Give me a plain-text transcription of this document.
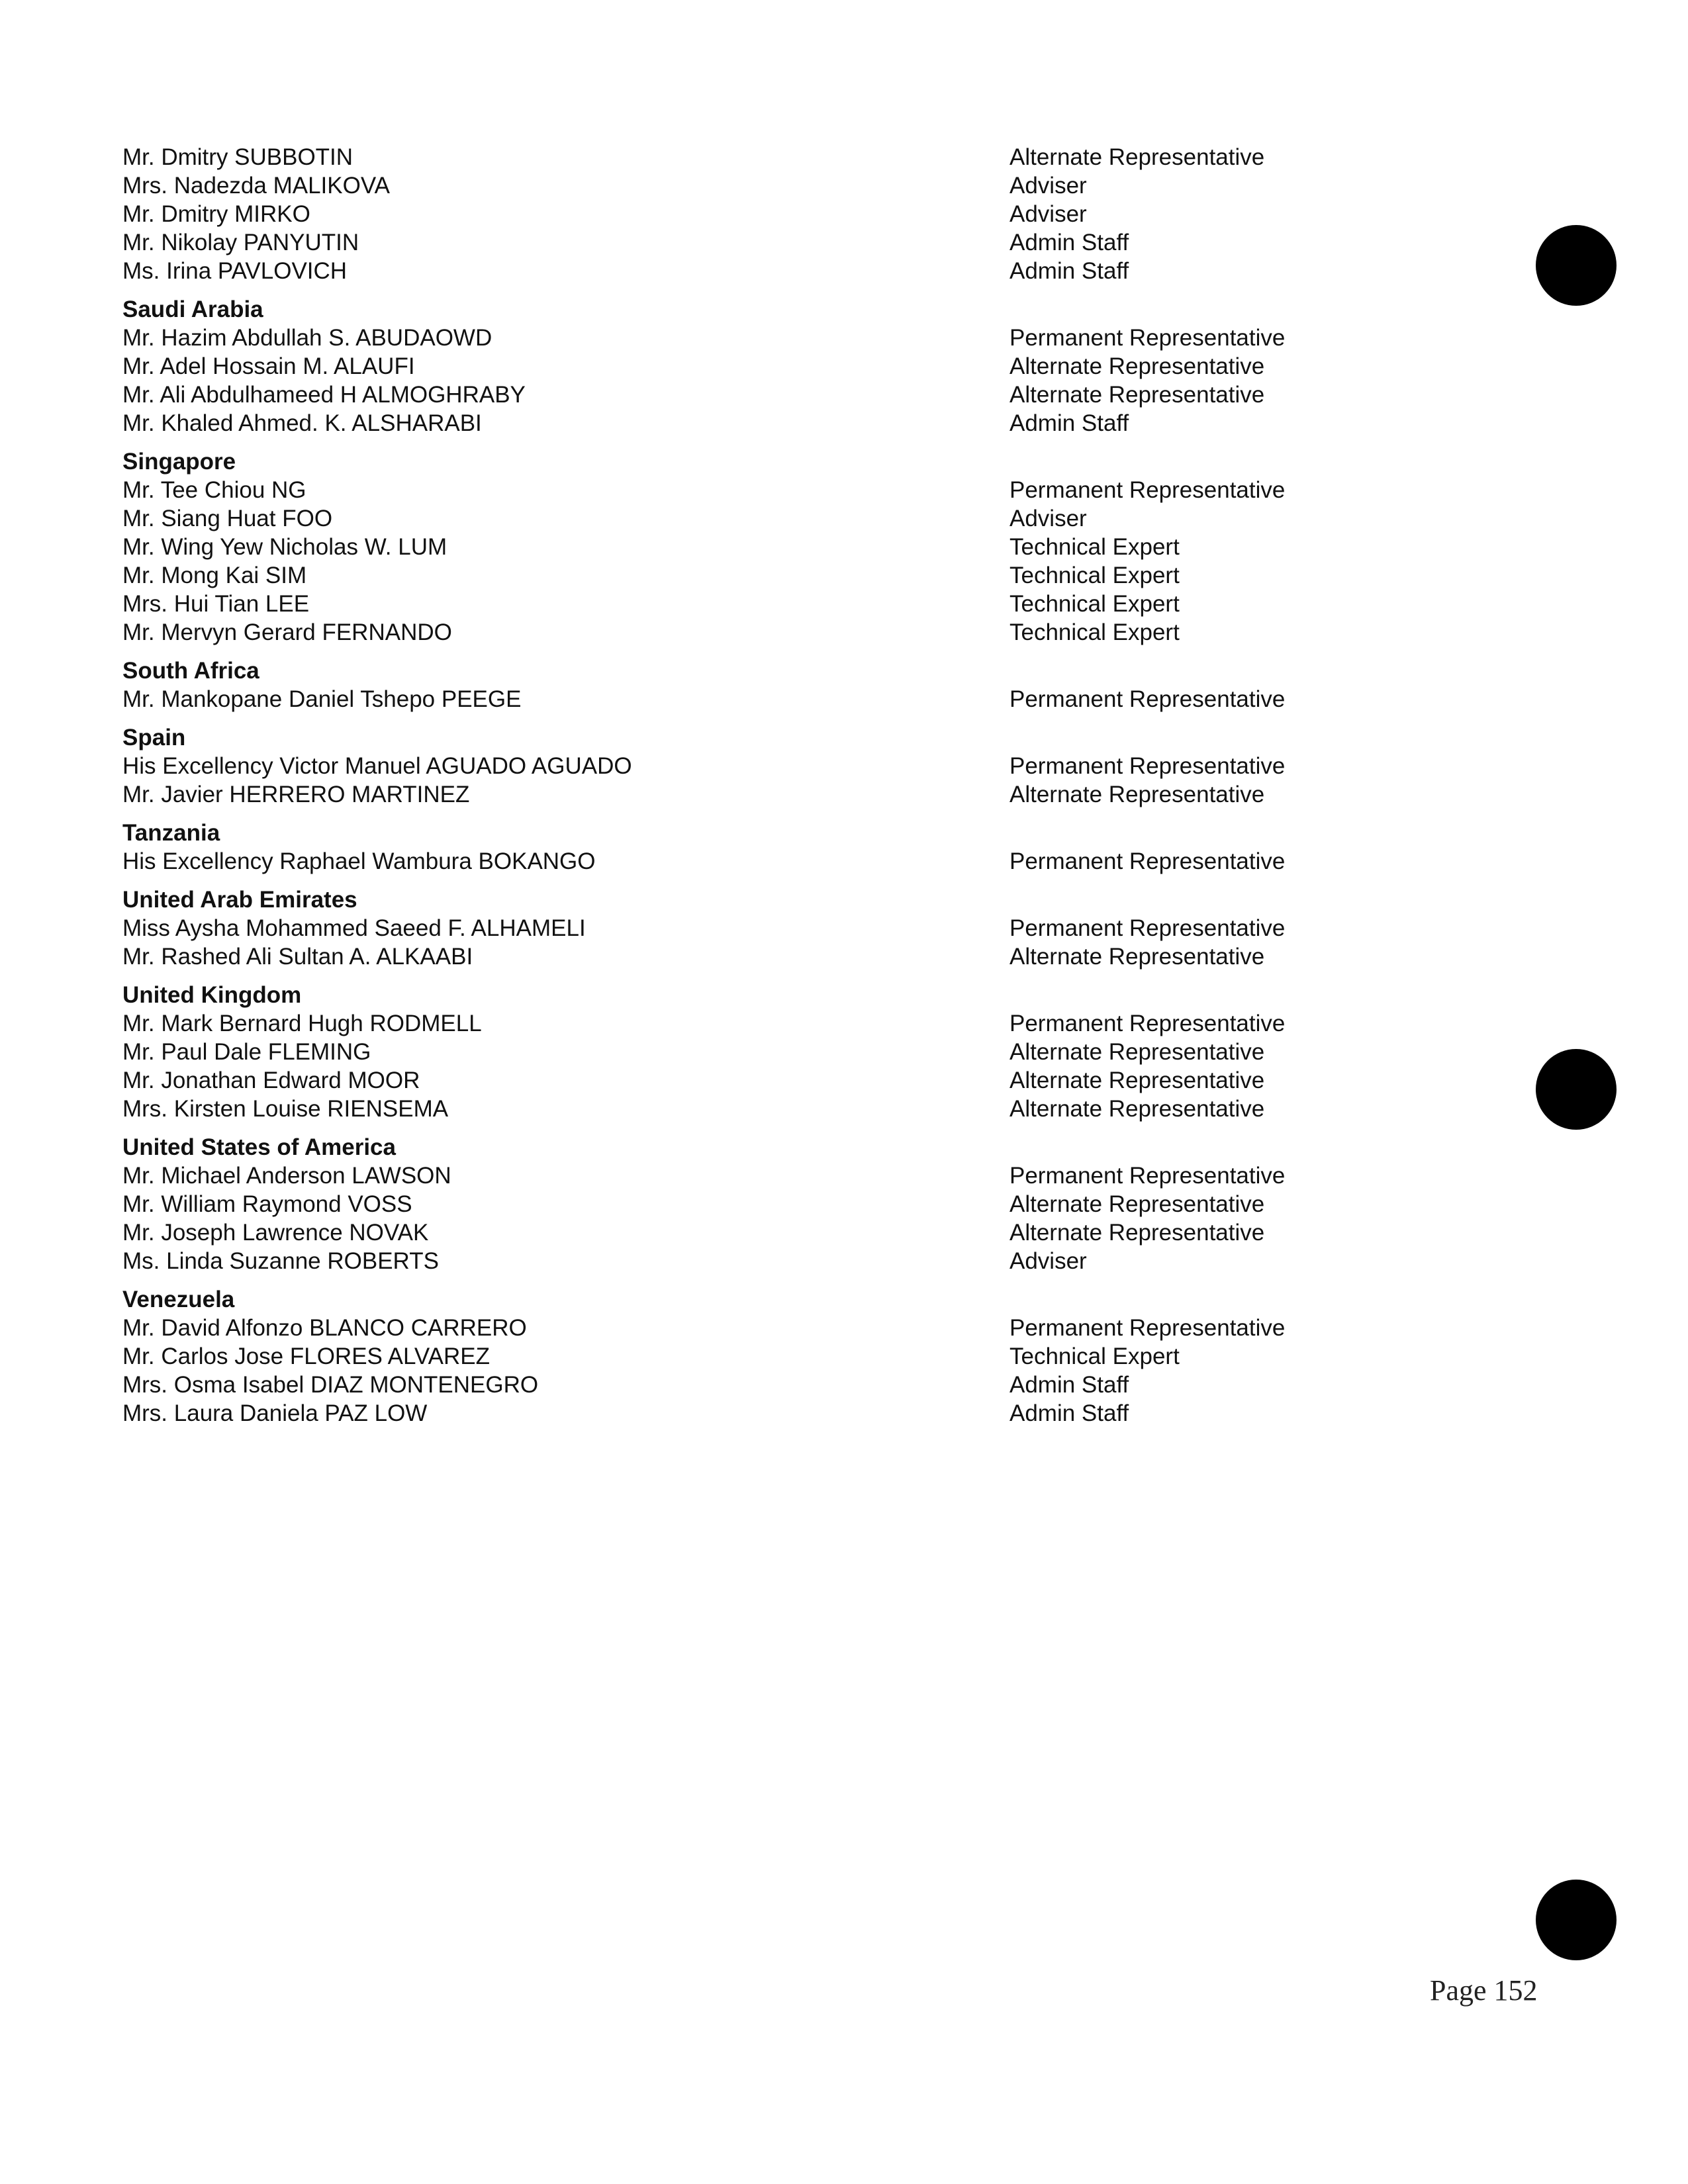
Mr. Dmitry SUBBOTIN	Alternate Representative
Mrs. Nadezda MALIKOVA	Adviser
Mr. Dmitry MIRKO	Adviser
Mr. Nikolay PANYUTIN	Admin Staff
Ms. Irina PAVLOVICH	Admin Staff
Saudi Arabia
Mr. Hazim Abdullah S. ABUDAOWD	Permanent Representative
Mr. Adel Hossain M. ALAUFI	Alternate Representative
Mr. Ali Abdulhameed H ALMOGHRABY	Alternate Representative
Mr. Khaled Ahmed. K. ALSHARABI	Admin Staff
Singapore
Mr. Tee Chiou NG	Permanent Representative
Mr. Siang Huat FOO	Adviser
Mr. Wing Yew Nicholas W. LUM	Technical Expert
Mr. Mong Kai SIM	Technical Expert
Mrs. Hui Tian LEE	Technical Expert
Mr. Mervyn Gerard FERNANDO	Technical Expert
South Africa
Mr. Mankopane Daniel Tshepo PEEGE	Permanent Representative
Spain
His Excellency Victor Manuel AGUADO AGUADO	Permanent Representative
Mr. Javier HERRERO MARTINEZ	Alternate Representative
Tanzania
His Excellency Raphael Wambura BOKANGO	Permanent Representative
United Arab Emirates
Miss Aysha Mohammed Saeed F. ALHAMELI	Permanent Representative
Mr. Rashed Ali Sultan A. ALKAABI	Alternate Representative
United Kingdom
Mr. Mark Bernard Hugh RODMELL	Permanent Representative
Mr. Paul Dale FLEMING	Alternate Representative
Mr. Jonathan Edward MOOR	Alternate Representative
Mrs. Kirsten Louise RIENSEMA	Alternate Representative
United States of America
Mr. Michael Anderson LAWSON	Permanent Representative
Mr. William Raymond VOSS	Alternate Representative
Mr. Joseph Lawrence NOVAK	Alternate Representative
Ms. Linda Suzanne ROBERTS	Adviser
Venezuela
Mr. David Alfonzo BLANCO CARRERO	Permanent Representative
Mr. Carlos Jose FLORES ALVAREZ	Technical Expert
Mrs. Osma Isabel DIAZ MONTENEGRO	Admin Staff
Mrs. Laura Daniela PAZ LOW	Admin Staff
Page 152
